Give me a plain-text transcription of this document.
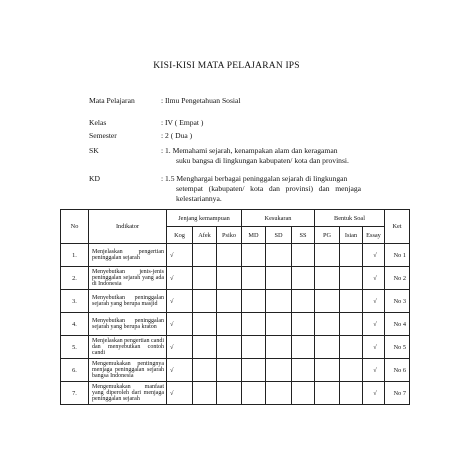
KISI-KISI MATA PELAJARAN IPS
Mata Pelajaran	: Ilmu Pengetahuan Sosial
Kelas	: IV ( Empat )
Semester	: 2 ( Dua )
SK	: 1. Memahami sejarah, kenampakan alam dan keragaman
suku bangsa di lingkungan kabupaten/ kota dan provinsi.
KD	: 1.5 Menghargai berbagai peninggalan sejarah di lingkungan
setempat (kabupaten/ kota dan provinsi) dan menjaga kelestariannya.
No	Indikator	Jenjang kemampuan			Kesukaran			Bentuk Soal			Ket
		Kog	Afek	Psiko	MD	SD	SS	PG	Isian	Essay	
1.	Menjelaskan pengertian peninggalan sejarah	√								√	No 1
2.	Menyebutkan jenis-jenis peninggalan sejarah yang ada di Indonesia	√								√	No 2
3.	Menyebutkan peninggalan sejarah yang berupa masjid	√								√	No 3
4.	Menyebutkan peninggalan sejarah yang berupa kraton	√								√	No 4
5.	Menjelaskan pengertian candi dan menyebutkan contoh candi	√								√	No 5
6.	Mengemukakan pentingnya menjaga peninggalan sejarah bangsa Indonesia	√								√	No 6
7.	Mengemukakan manfaat yang diperoleh dari menjaga peninggalan sejarah	√								√	No 7
